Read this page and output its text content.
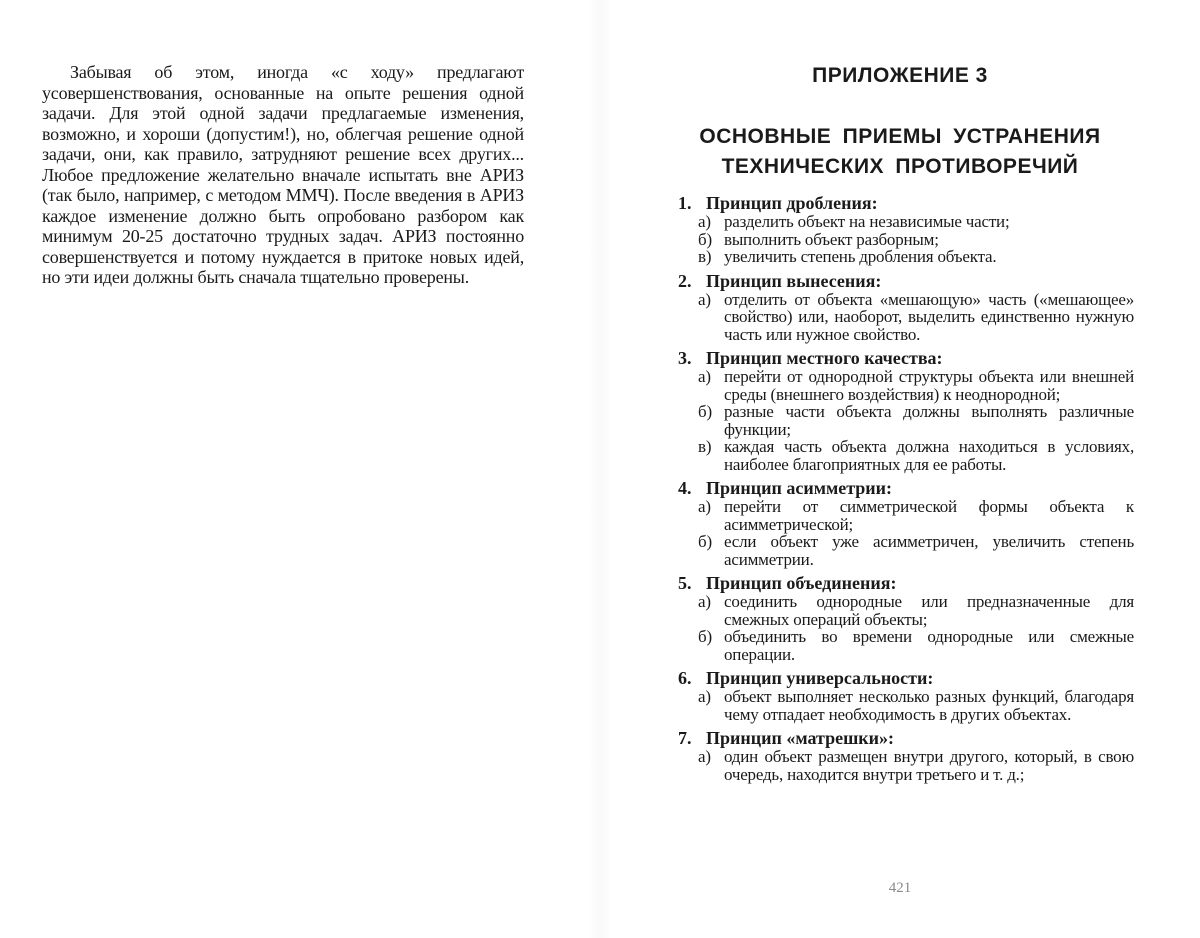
Забывая об этом, иногда «с ходу» предлагают усовершенствования, основанные на опыте решения одной задачи. Для этой одной задачи предлагаемые изменения, возможно, и хороши (допустим!), но, облегчая решение одной задачи, они, как правило, затрудняют решение всех других... Любое предложение желательно вначале испытать вне АРИЗ (так было, например, с методом ММЧ). После введения в АРИЗ каждое изменение должно быть опробовано разбором как минимум 20-25 достаточно трудных задач. АРИЗ постоянно совершенствуется и потому нуждается в притоке новых идей, но эти идеи должны быть сначала тщательно проверены.

ПРИЛОЖЕНИЕ 3
ОСНОВНЫЕ ПРИЕМЫ УСТРАНЕНИЯ
ТЕХНИЧЕСКИХ ПРОТИВОРЕЧИЙ
1. Принцип дробления:
а) разделить объект на независимые части;
б) выполнить объект разборным;
в) увеличить степень дробления объекта.
2. Принцип вынесения:
а) отделить от объекта «мешающую» часть («мешающее» свойство) или, наоборот, выделить единственно нужную часть или нужное свойство.
3. Принцип местного качества:
а) перейти от однородной структуры объекта или внешней среды (внешнего воздействия) к неоднородной;
б) разные части объекта должны выполнять различные функции;
в) каждая часть объекта должна находиться в условиях, наиболее благоприятных для ее работы.
4. Принцип асимметрии:
а) перейти от симметрической формы объекта к асимметрической;
б) если объект уже асимметричен, увеличить степень асимметрии.
5. Принцип объединения:
а) соединить однородные или предназначенные для смежных операций объекты;
б) объединить во времени однородные или смежные операции.
6. Принцип универсальности:
а) объект выполняет несколько разных функций, благодаря чему отпадает необходимость в других объектах.
7. Принцип «матрешки»:
а) один объект размещен внутри другого, который, в свою очередь, находится внутри третьего и т. д.;
421
